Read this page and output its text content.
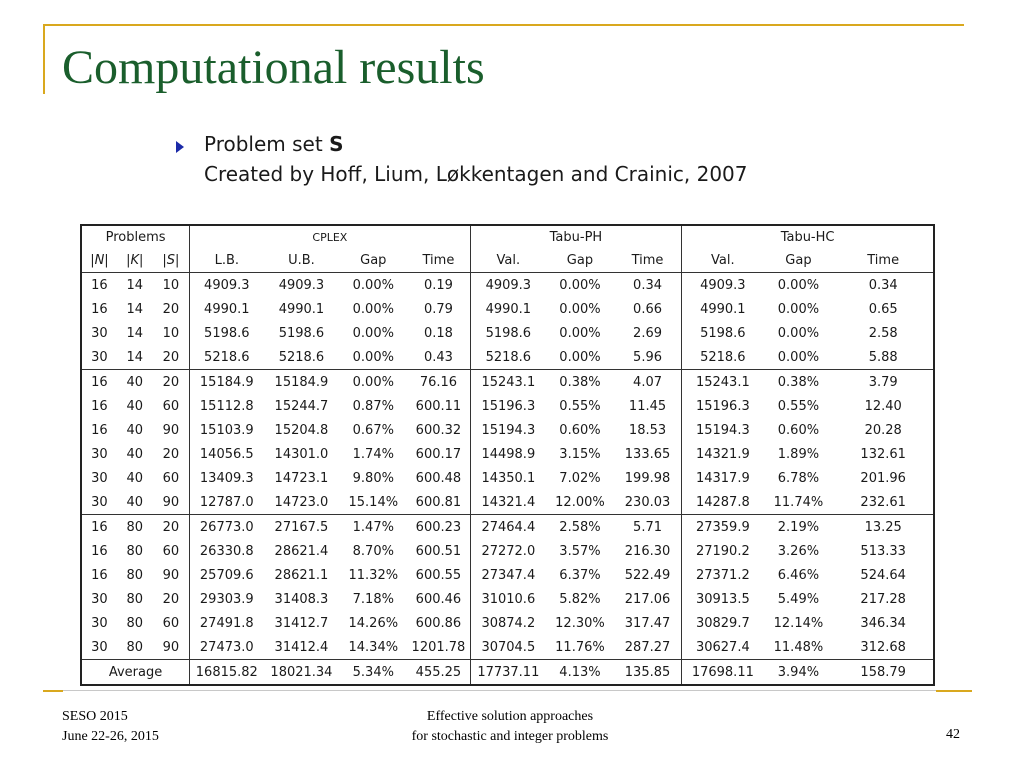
Computational results
Problem set S
Created by Hoff, Lium, Løkkentagen and Crainic, 2007
Problems			CPLEX				Tabu-PH			Tabu-HC		
|N|	|K|	|S|	L.B.	U.B.	Gap	Time	Val.	Gap	Time	Val.	Gap	Time
16	14	10	4909.3	4909.3	0.00%	0.19	4909.3	0.00%	0.34	4909.3	0.00%	0.34
16	14	20	4990.1	4990.1	0.00%	0.79	4990.1	0.00%	0.66	4990.1	0.00%	0.65
30	14	10	5198.6	5198.6	0.00%	0.18	5198.6	0.00%	2.69	5198.6	0.00%	2.58
30	14	20	5218.6	5218.6	0.00%	0.43	5218.6	0.00%	5.96	5218.6	0.00%	5.88
16	40	20	15184.9	15184.9	0.00%	76.16	15243.1	0.38%	4.07	15243.1	0.38%	3.79
16	40	60	15112.8	15244.7	0.87%	600.11	15196.3	0.55%	11.45	15196.3	0.55%	12.40
16	40	90	15103.9	15204.8	0.67%	600.32	15194.3	0.60%	18.53	15194.3	0.60%	20.28
30	40	20	14056.5	14301.0	1.74%	600.17	14498.9	3.15%	133.65	14321.9	1.89%	132.61
30	40	60	13409.3	14723.1	9.80%	600.48	14350.1	7.02%	199.98	14317.9	6.78%	201.96
30	40	90	12787.0	14723.0	15.14%	600.81	14321.4	12.00%	230.03	14287.8	11.74%	232.61
16	80	20	26773.0	27167.5	1.47%	600.23	27464.4	2.58%	5.71	27359.9	2.19%	13.25
16	80	60	26330.8	28621.4	8.70%	600.51	27272.0	3.57%	216.30	27190.2	3.26%	513.33
16	80	90	25709.6	28621.1	11.32%	600.55	27347.4	6.37%	522.49	27371.2	6.46%	524.64
30	80	20	29303.9	31408.3	7.18%	600.46	31010.6	5.82%	217.06	30913.5	5.49%	217.28
30	80	60	27491.8	31412.7	14.26%	600.86	30874.2	12.30%	317.47	30829.7	12.14%	346.34
30	80	90	27473.0	31412.4	14.34%	1201.78	30704.5	11.76%	287.27	30627.4	11.48%	312.68
Average			16815.82	18021.34	5.34%	455.25	17737.11	4.13%	135.85	17698.11	3.94%	158.79
SESO 2015
June 22-26, 2015
Effective solution approaches
for stochastic and integer problems	42
